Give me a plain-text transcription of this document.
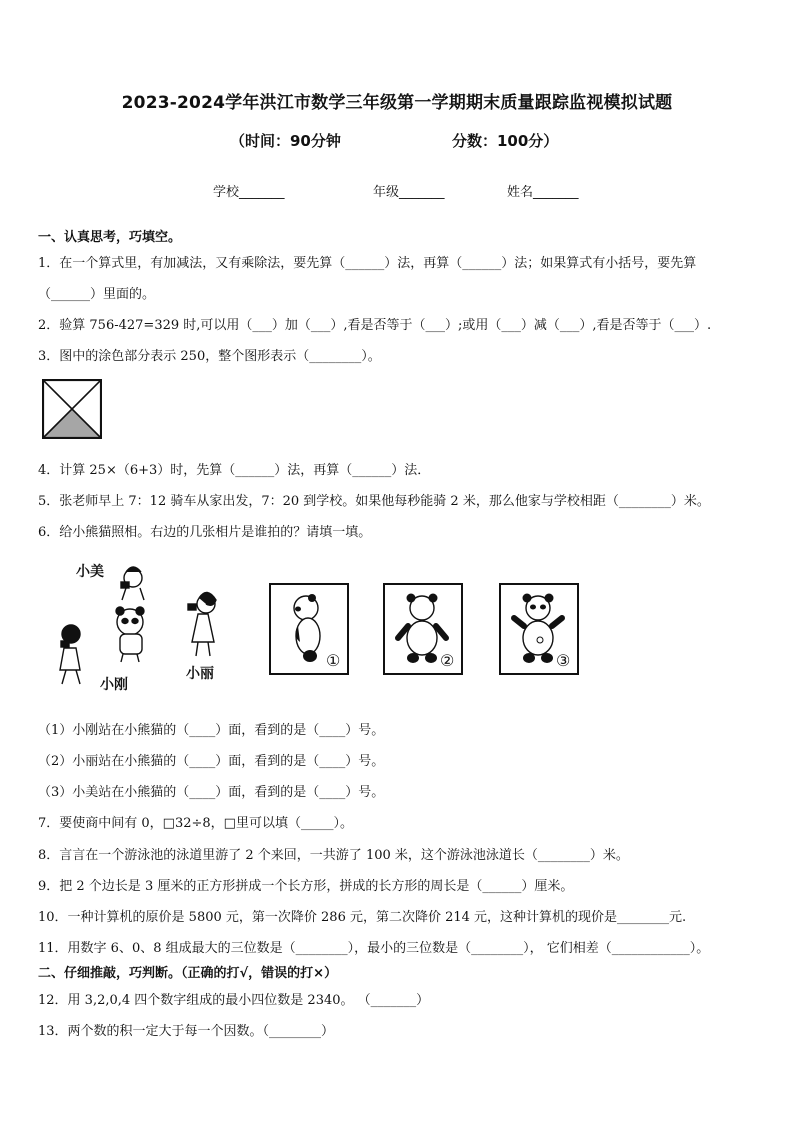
2023-2024学年洪江市数学三年级第一学期期末质量跟踪监视模拟试题
（时间：90分钟	分数：100分）
学校_______	年级_______	姓名_______
一、认真思考，巧填空。
1．在一个算式里，有加减法，又有乘除法，要先算（______）法，再算（______）法；如果算式有小括号，要先算
（______）里面的。
2．验算 756-427=329 时,可以用（___）加（___）,看是否等于（___）;或用（___）减（___）,看是否等于（___）.
3．图中的涂色部分表示 250，整个图形表示（________）。
4．计算 25×（6+3）时，先算（______）法，再算（______）法．
5．张老师早上 7：12 骑车从家出发，7：20 到学校。如果他每秒能骑 2 米，那么他家与学校相距（________）米。
6．给小熊猫照相。右边的几张相片是谁拍的？请填一填。
小美
小刚
小丽
①	②	③
（1）小刚站在小熊猫的（____）面，看到的是（____）号。
（2）小丽站在小熊猫的（____）面，看到的是（____）号。
（3）小美站在小熊猫的（____）面，看到的是（____）号。
7．要使商中间有 0，□32÷8，□里可以填（_____）。
8．言言在一个游泳池的泳道里游了 2 个来回，一共游了 100 米，这个游泳池泳道长（________）米。
9．把 2 个边长是 3 厘米的正方形拼成一个长方形，拼成的长方形的周长是（______）厘米。
10．一种计算机的原价是 5800 元，第一次降价 286 元，第二次降价 214 元，这种计算机的现价是________元.
11．用数字 6、0、8 组成最大的三位数是（________），最小的三位数是（________）， 它们相差（____________）。
二、仔细推敲，巧判断。（正确的打√，错误的打×）
12．用 3,2,0,4 四个数字组成的最小四位数是 2340。 （_______）
13．两个数的积一定大于每一个因数。（________）
